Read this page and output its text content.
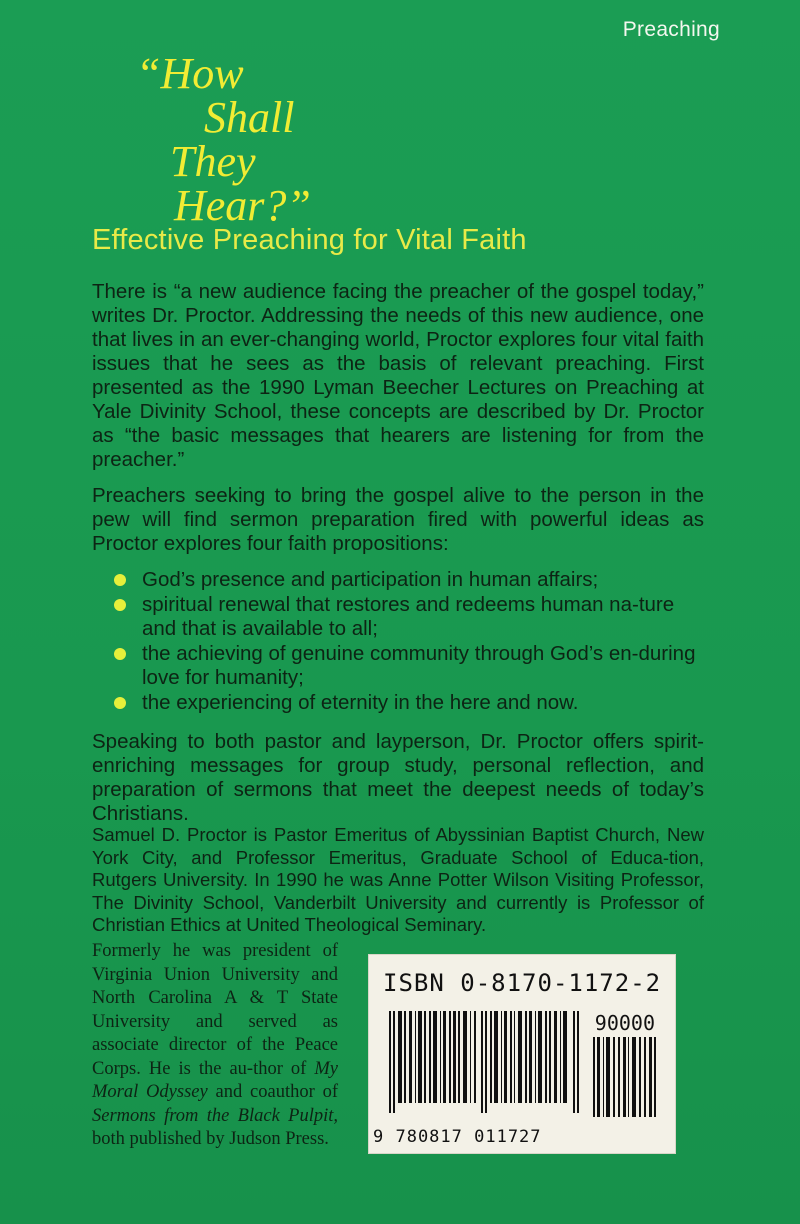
Preaching
“How
Shall
They
Hear?”
Effective Preaching for Vital Faith
There is “a new audience facing the preacher of the gospel today,” writes Dr. Proctor. Addressing the needs of this new audience, one that lives in an ever-changing world, Proctor explores four vital faith issues that he sees as the basis of relevant preaching. First presented as the 1990 Lyman Beecher Lectures on Preaching at Yale Divinity School, these concepts are described by Dr. Proctor as “the basic messages that hearers are listening for from the preacher.”
Preachers seeking to bring the gospel alive to the person in the pew will find sermon preparation fired with powerful ideas as Proctor explores four faith propositions:
God’s presence and participation in human affairs;
spiritual renewal that restores and redeems human na-ture and that is available to all;
the achieving of genuine community through God’s en-during love for humanity;
the experiencing of eternity in the here and now.
Speaking to both pastor and layperson, Dr. Proctor offers spirit-enriching messages for group study, personal reflection, and preparation of sermons that meet the deepest needs of today’s Christians.
Samuel D. Proctor is Pastor Emeritus of Abyssinian Baptist Church, New York City, and Professor Emeritus, Graduate School of Educa-tion, Rutgers University. In 1990 he was Anne Potter Wilson Visiting Professor, The Divinity School, Vanderbilt University and currently is Professor of Christian Ethics at United Theological Seminary.
Formerly he was president of Virginia Union University and North Carolina A & T State University and served as associate director of the Peace Corps. He is the au-thor of My Moral Odyssey and coauthor of Sermons from the Black Pulpit, both published by Judson Press.
ISBN 0-8170-1172-2
90000
9 780817 011727
